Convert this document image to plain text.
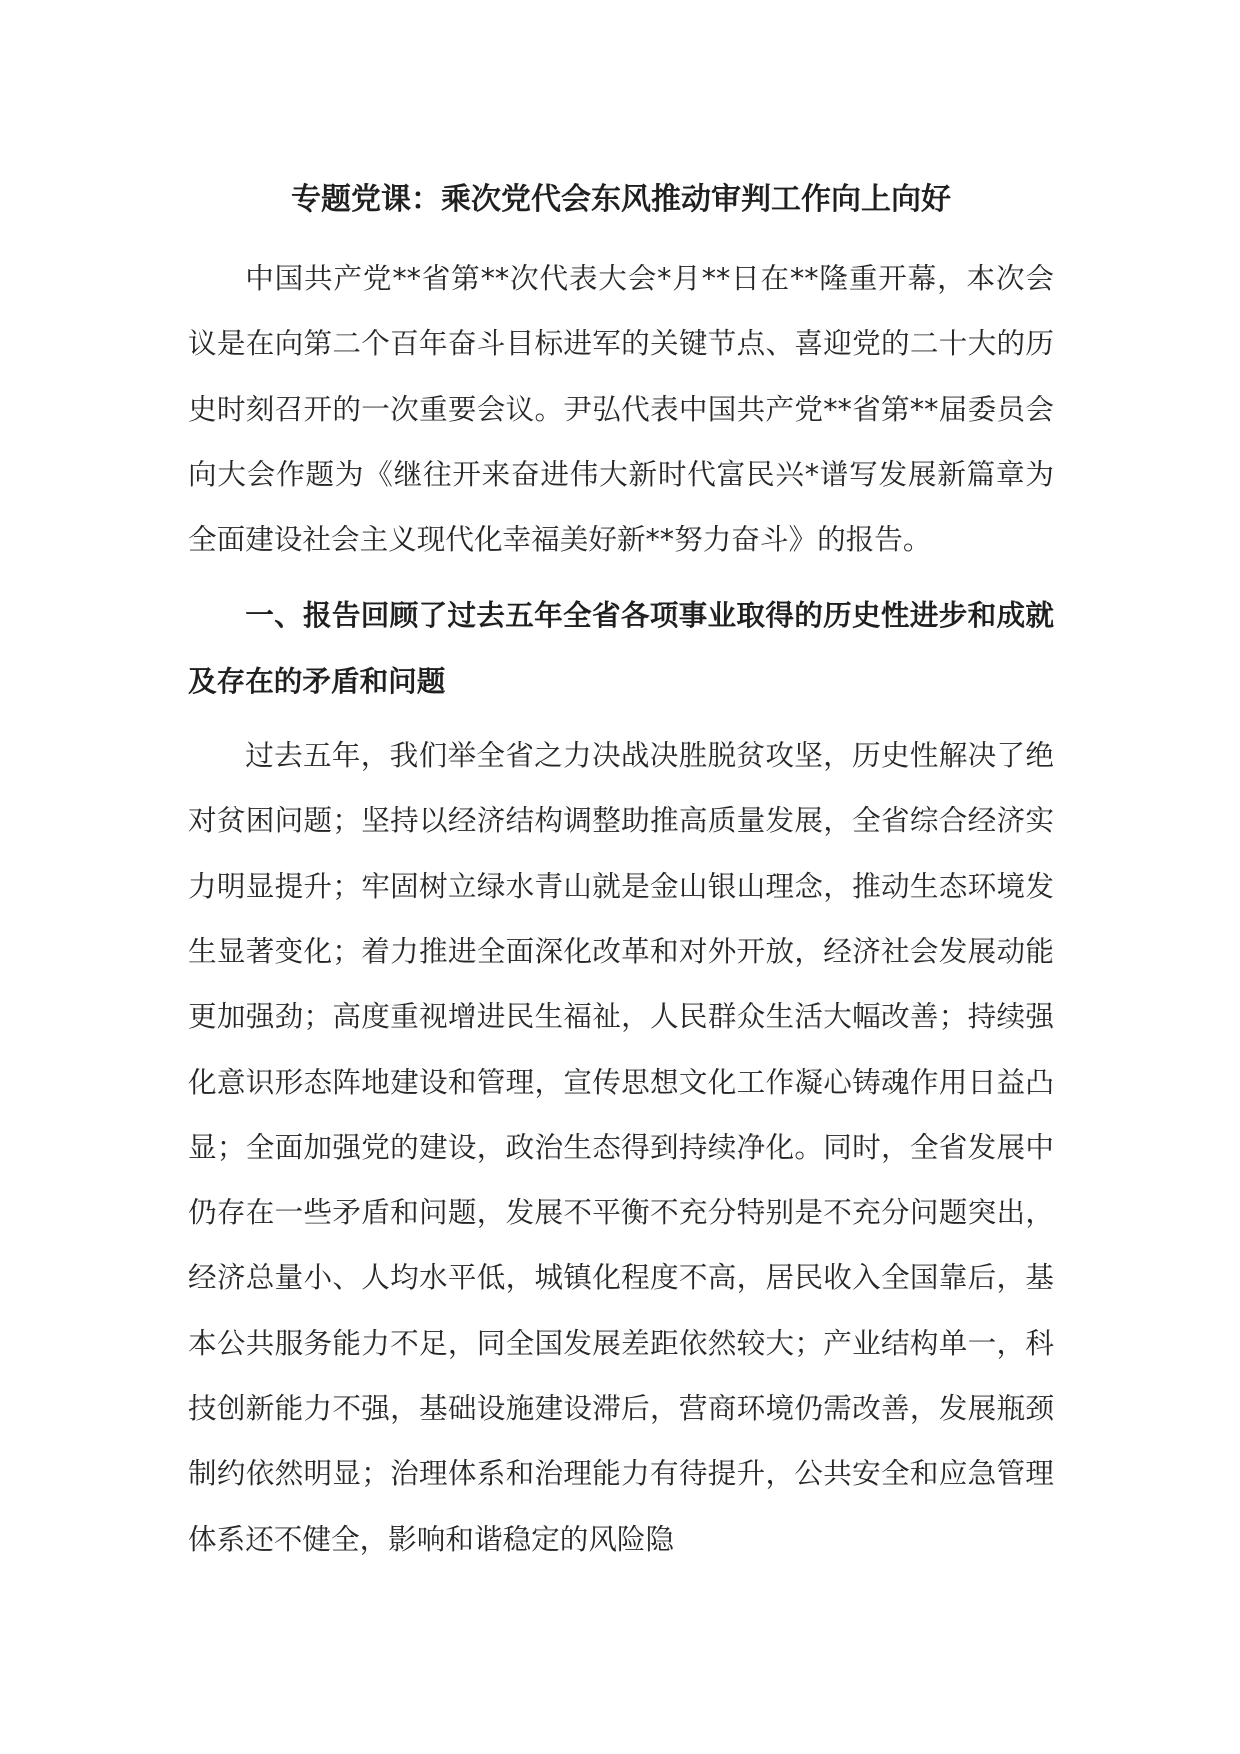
专题党课：乘次党代会东风推动审判工作向上向好

中国共产党**省第**次代表大会*月**日在**隆重开幕，本次会议是在向第二个百年奋斗目标进军的关键节点、喜迎党的二十大的历史时刻召开的一次重要会议。尹弘代表中国共产党**省第**届委员会向大会作题为《继往开来奋进伟大新时代富民兴*谱写发展新篇章为全面建设社会主义现代化幸福美好新**努力奋斗》的报告。

一、报告回顾了过去五年全省各项事业取得的历史性进步和成就及存在的矛盾和问题

过去五年，我们举全省之力决战决胜脱贫攻坚，历史性解决了绝对贫困问题；坚持以经济结构调整助推高质量发展，全省综合经济实力明显提升；牢固树立绿水青山就是金山银山理念，推动生态环境发生显著变化；着力推进全面深化改革和对外开放，经济社会发展动能更加强劲；高度重视增进民生福祉，人民群众生活大幅改善；持续强化意识形态阵地建设和管理，宣传思想文化工作凝心铸魂作用日益凸显；全面加强党的建设，政治生态得到持续净化。同时，全省发展中仍存在一些矛盾和问题，发展不平衡不充分特别是不充分问题突出，经济总量小、人均水平低，城镇化程度不高，居民收入全国靠后，基本公共服务能力不足，同全国发展差距依然较大；产业结构单一，科技创新能力不强，基础设施建设滞后，营商环境仍需改善，发展瓶颈制约依然明显；治理体系和治理能力有待提升，公共安全和应急管理体系还不健全，影响和谐稳定的风险隐
